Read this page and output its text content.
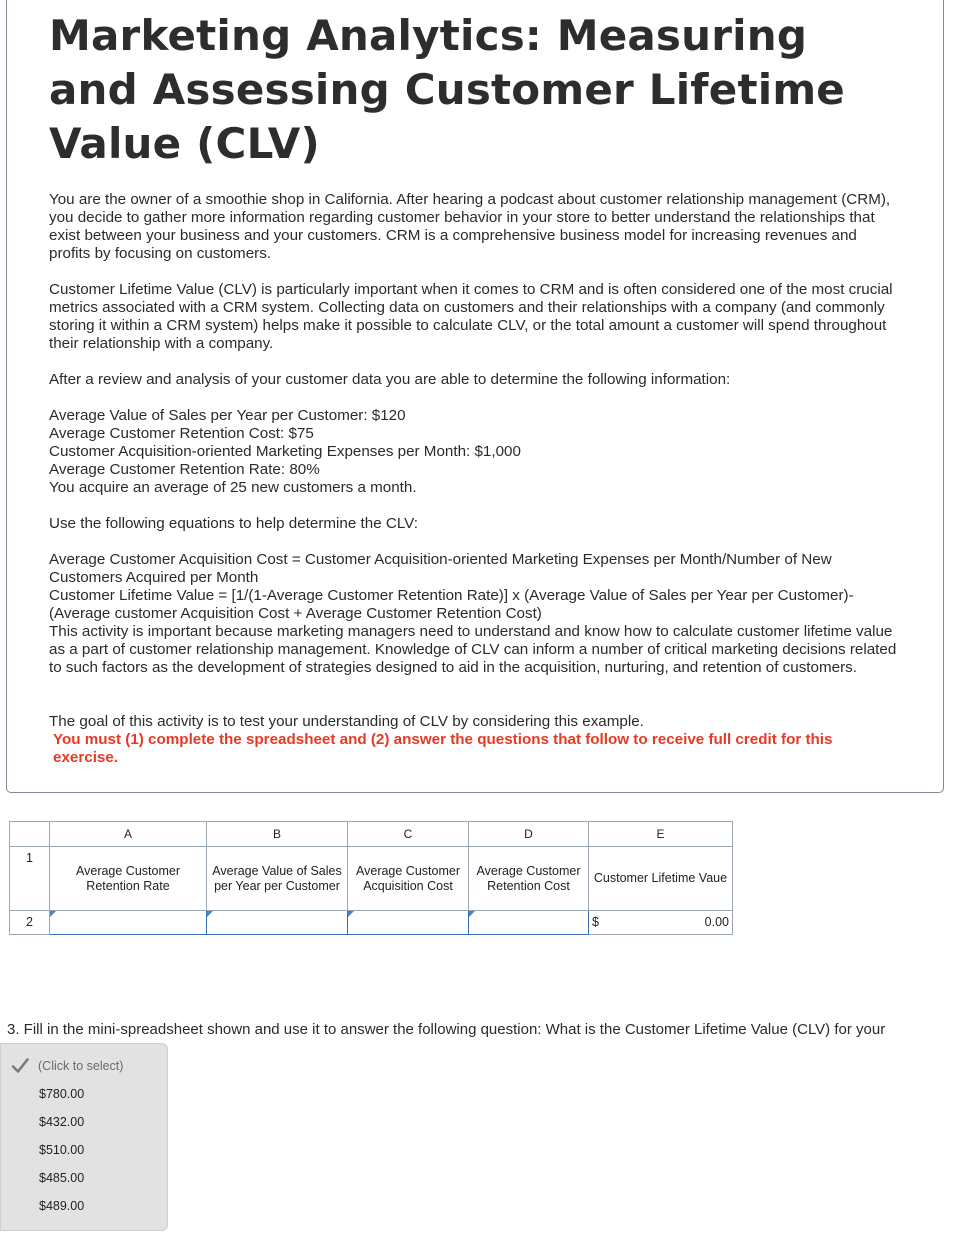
Marketing Analytics: Measuring and Assessing Customer Lifetime Value (CLV)

You are the owner of a smoothie shop in California. After hearing a podcast about customer relationship management (CRM), you decide to gather more information regarding customer behavior in your store to better understand the relationships that exist between your business and your customers. CRM is a comprehensive business model for increasing revenues and profits by focusing on customers.

Customer Lifetime Value (CLV) is particularly important when it comes to CRM and is often considered one of the most crucial metrics associated with a CRM system. Collecting data on customers and their relationships with a company (and commonly storing it within a CRM system) helps make it possible to calculate CLV, or the total amount a customer will spend throughout their relationship with a company.

After a review and analysis of your customer data you are able to determine the following information:

Average Value of Sales per Year per Customer: $120

Average Customer Retention Cost: $75

Customer Acquisition-oriented Marketing Expenses per Month: $1,000

Average Customer Retention Rate: 80%

You acquire an average of 25 new customers a month.

Use the following equations to help determine the CLV:

Average Customer Acquisition Cost = Customer Acquisition-oriented Marketing Expenses per Month/Number of New Customers Acquired per Month

Customer Lifetime Value = [1/(1-Average Customer Retention Rate)] x (Average Value of Sales per Year per Customer)-(Average customer Acquisition Cost + Average Customer Retention Cost)

This activity is important because marketing managers need to understand and know how to calculate customer lifetime value as a part of customer relationship management. Knowledge of CLV can inform a number of critical marketing decisions related to such factors as the development of strategies designed to aid in the acquisition, nurturing, and retention of customers.

The goal of this activity is to test your understanding of CLV by considering this example.

You must (1) complete the spreadsheet and (2) answer the questions that follow to receive full credit for this exercise.

	A	B	C	D	E
1	Average Customer Retention Rate	Average Value of Sales per Year per Customer	Average Customer Acquisition Cost	Average Customer Retention Cost	Customer Lifetime Vaue
2					$ 0.00
3. Fill in the mini-spreadsheet shown and use it to answer the following question: What is the Customer Lifetime Value (CLV) for your
(Click to select)
$780.00
$432.00
$510.00
$485.00
$489.00
